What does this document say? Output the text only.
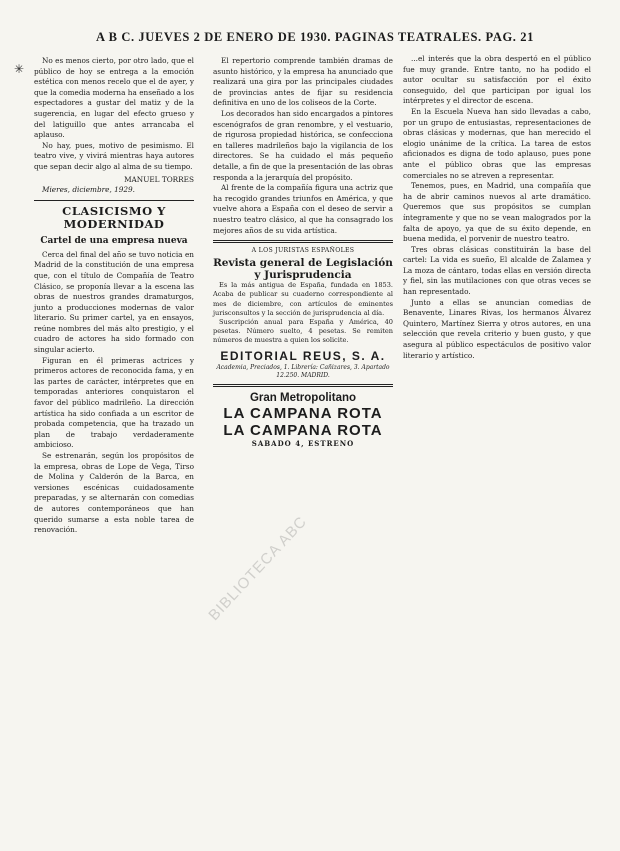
A B C. JUEVES 2 DE ENERO DE 1930. PAGINAS TEATRALES. PAG. 21
✳

No es menos cierto, por otro lado, que el público de hoy se entrega a la emoción estética con menos recelo que el de ayer, y que la comedia moderna ha enseñado a los espectadores a gustar del matiz y de la sugerencia, en lugar del efecto grueso y del latiguillo que antes arrancaba el aplauso.

No hay, pues, motivo de pesimismo. El teatro vive, y vivirá mientras haya autores que sepan decir algo al alma de su tiempo.

MANUEL TORRES

Mieres, diciembre, 1929.

CLASICISMO Y MODERNIDAD
Cartel de una empresa nueva

Cerca del final del año se tuvo noticia en Madrid de la constitución de una empresa que, con el título de Compañía de Teatro Clásico, se proponía llevar a la escena las obras de nuestros grandes dramaturgos, junto a producciones modernas de valor literario. Su primer cartel, ya en ensayos, reúne nombres del más alto prestigio, y el cuadro de actores ha sido formado con singular acierto.

Figuran en él primeras actrices y primeros actores de reconocida fama, y en las partes de carácter, intérpretes que en temporadas anteriores conquistaron el favor del público madrileño. La dirección artística ha sido confiada a un escritor de probada competencia, que ha trazado un plan de trabajo verdaderamente ambicioso.

Se estrenarán, según los propósitos de la empresa, obras de Lope de Vega, Tirso de Molina y Calderón de la Barca, en versiones escénicas cuidadosamente preparadas, y se alternarán con comedias de autores contemporáneos que han querido sumarse a esta noble tarea de renovación.

El repertorio comprende también dramas de asunto histórico, y la empresa ha anunciado que realizará una gira por las principales ciudades de provincias antes de fijar su residencia definitiva en uno de los coliseos de la Corte.

Los decorados han sido encargados a pintores escenógrafos de gran renombre, y el vestuario, de rigurosa propiedad histórica, se confecciona en talleres madrileños bajo la vigilancia de los directores. Se ha cuidado el más pequeño detalle, a fin de que la presentación de las obras responda a la jerarquía del propósito.

Al frente de la compañía figura una actriz que ha recogido grandes triunfos en América, y que vuelve ahora a España con el deseo de servir a nuestro teatro clásico, al que ha consagrado los mejores años de su vida artística.

A LOS JURISTAS ESPAÑOLES
Revista general de Legislación y Jurisprudencia

Es la más antigua de España, fundada en 1853. Acaba de publicar su cuaderno correspondiente al mes de diciembre, con artículos de eminentes jurisconsultos y la sección de jurisprudencia al día.

Suscripción anual para España y América, 40 pesetas. Número suelto, 4 pesetas. Se remiten números de muestra a quien los solicite.

EDITORIAL REUS, S. A.
Academia, Preciados, 1. Librería: Cañizares, 3. Apartado 12.250. MADRID.
Gran Metropolitano
LA CAMPANA ROTA
LA CAMPANA ROTA
SABADO 4, ESTRENO

...el interés que la obra despertó en el público fue muy grande. Entre tanto, no ha podido el autor ocultar su satisfacción por el éxito conseguido, del que participan por igual los intérpretes y el director de escena.

En la Escuela Nueva han sido llevadas a cabo, por un grupo de entusiastas, representaciones de obras clásicas y modernas, que han merecido el elogio unánime de la crítica. La tarea de estos aficionados es digna de todo aplauso, pues pone ante el público obras que las empresas comerciales no se atreven a representar.

Tenemos, pues, en Madrid, una compañía que ha de abrir caminos nuevos al arte dramático. Queremos que sus propósitos se cumplan íntegramente y que no se vean malogrados por la falta de apoyo, ya que de su éxito depende, en buena medida, el porvenir de nuestro teatro.

Tres obras clásicas constituirán la base del cartel: La vida es sueño, El alcalde de Zalamea y La moza de cántaro, todas ellas en versión directa y fiel, sin las mutilaciones con que otras veces se han representado.

Junto a ellas se anuncian comedias de Benavente, Linares Rivas, los hermanos Álvarez Quintero, Martínez Sierra y otros autores, en una selección que revela criterio y buen gusto, y que asegura al público espectáculos de positivo valor literario y artístico.

BIBLIOTECA ABC
